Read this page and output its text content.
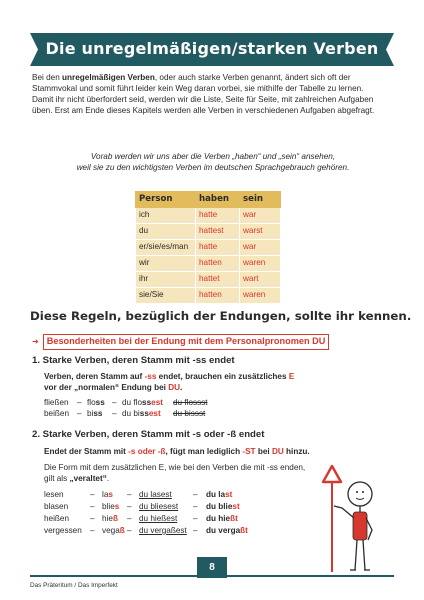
Die unregelmäßigen/starken Verben

Bei den unregelmäßigen Verben, oder auch starke Verben genannt, ändert sich oft der Stammvokal und somit führt leider kein Weg daran vorbei, sie mithilfe der Tabelle zu lernen.

Damit ihr nicht überfordert seid, werden wir die Liste, Seite für Seite, mit zahlreichen Aufgaben üben. Erst am Ende dieses Kapitels werden alle Verben in verschiedenen Aufgaben abgefragt.

Vorab werden wir uns aber die Verben „haben“ und „sein“ ansehen,
weil sie zu den wichtigsten Verben im deutschen Sprachgebrauch gehören.
Person	haben	sein
ich	hatte	war
du	hattest	warst
er/sie/es/man	hatte	war
wir	hatten	waren
ihr	hattet	wart
sie/Sie	hatten	waren
Diese Regeln, bezüglich der Endungen, sollte ihr kennen.
➜ Besonderheiten bei der Endung mit dem Personalpronomen DU
1. Starke Verben, deren Stamm mit -ss endet
Verben, deren Stamm auf -ss endet, brauchen ein zusätzliches E
vor der „normalen“ Endung bei DU.
fließen – floss – du flossest du flossst
beißen – biss – du bissest du bissst
2. Starke Verben, deren Stamm mit -s oder -ß endet
Endet der Stamm mit -s oder -ß, fügt man lediglich -ST bei DU hinzu.
Die Form mit dem zusätzlichen E, wie bei den Verben die mit -ss enden,
gilt als „veraltet“.
lesen	– las – du lasest	– du last
blasen	– blies – du bliesest – du bliest
heißen	– hieß – du hießest – du hießt
vergessen – vegaß – du vergaßest – du vergaßt
8
Das Präteritum / Das Imperfekt
